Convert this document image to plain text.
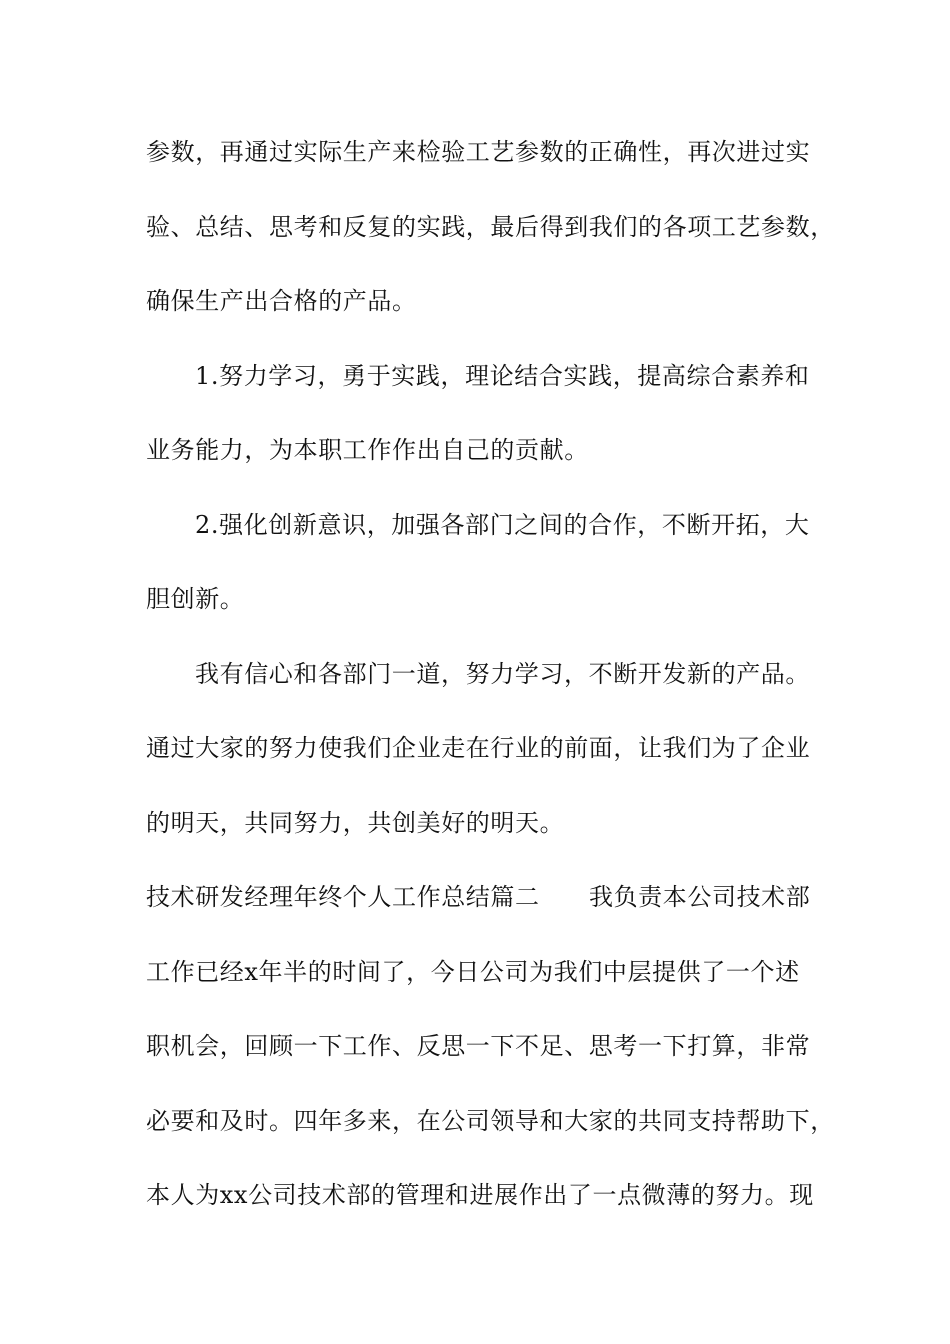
参数，再通过实际生产来检验工艺参数的正确性，再次进过实
验、总结、思考和反复的实践，最后得到我们的各项工艺参数，
确保生产出合格的产品。
1.努力学习，勇于实践，理论结合实践，提高综合素养和
业务能力，为本职工作作出自己的贡献。
2.强化创新意识，加强各部门之间的合作，不断开拓，大
胆创新。
我有信心和各部门一道，努力学习，不断开发新的产品。
通过大家的努力使我们企业走在行业的前面，让我们为了企业
的明天，共同努力，共创美好的明天。
技术研发经理年终个人工作总结篇二      我负责本公司技术部
工作已经x年半的时间了，今日公司为我们中层提供了一个述
职机会，回顾一下工作、反思一下不足、思考一下打算，非常
必要和及时。四年多来，在公司领导和大家的共同支持帮助下，
本人为xx公司技术部的管理和进展作出了一点微薄的努力。现
